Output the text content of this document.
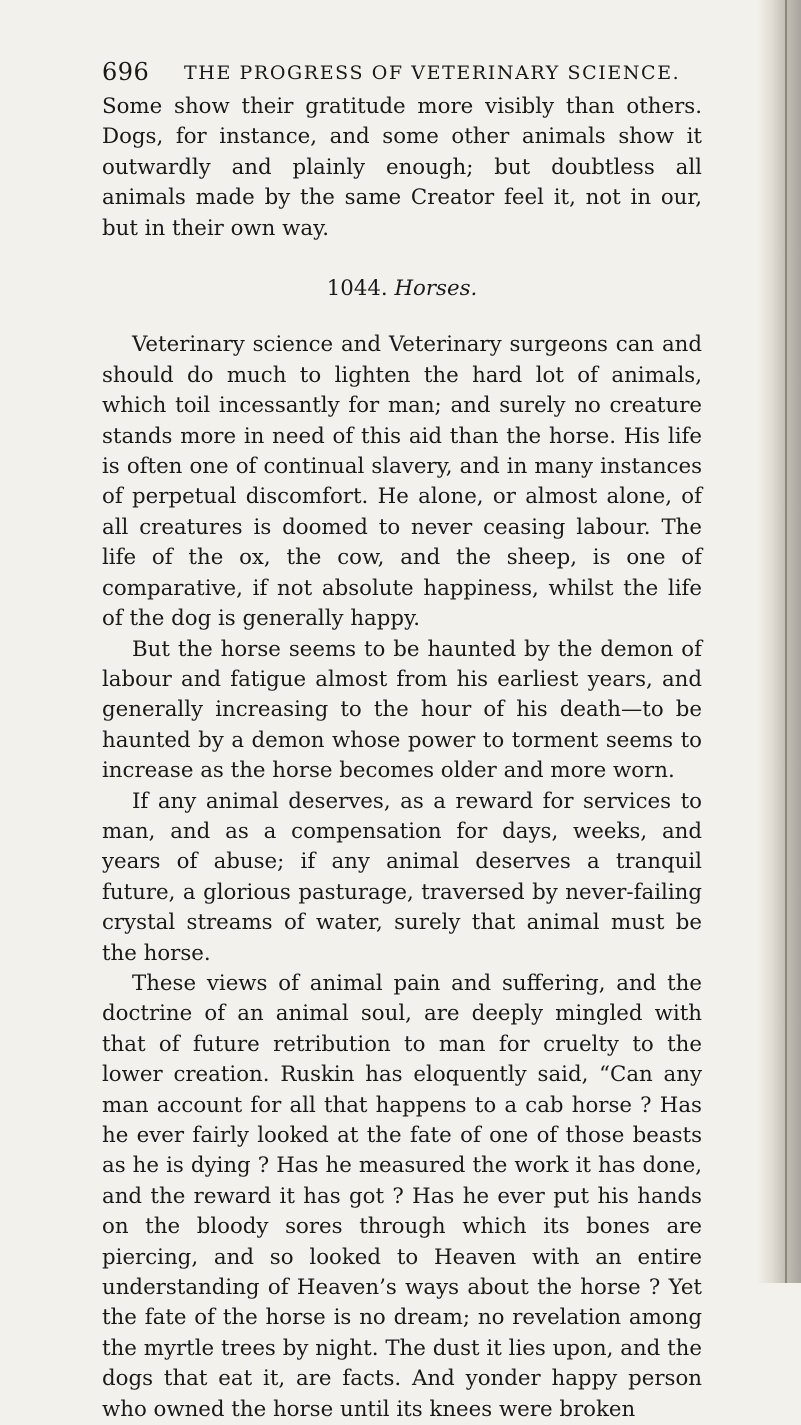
696 THE PROGRESS OF VETERINARY SCIENCE.

Some show their gratitude more visibly than others. Dogs, for instance, and some other animals show it outwardly and plainly enough; but doubtless all animals made by the same Creator feel it, not in our, but in their own way.

1044. Horses.

Veterinary science and Veterinary surgeons can and should do much to lighten the hard lot of animals, which toil incessantly for man; and surely no creature stands more in need of this aid than the horse. His life is often one of continual slavery, and in many instances of perpetual discomfort. He alone, or almost alone, of all creatures is doomed to never ceasing labour. The life of the ox, the cow, and the sheep, is one of comparative, if not absolute happiness, whilst the life of the dog is generally happy.

But the horse seems to be haunted by the demon of labour and fatigue almost from his earliest years, and generally increasing to the hour of his death—to be haunted by a demon whose power to torment seems to increase as the horse becomes older and more worn.

If any animal deserves, as a reward for services to man, and as a compensation for days, weeks, and years of abuse; if any animal deserves a tranquil future, a glorious pasturage, traversed by never-failing crystal streams of water, surely that animal must be the horse.

These views of animal pain and suffering, and the doctrine of an animal soul, are deeply mingled with that of future retribution to man for cruelty to the lower creation. Ruskin has eloquently said, “Can any man account for all that happens to a cab horse ? Has he ever fairly looked at the fate of one of those beasts as he is dying ? Has he measured the work it has done, and the reward it has got ? Has he ever put his hands on the bloody sores through which its bones are piercing, and so looked to Heaven with an entire understanding of Heaven’s ways about the horse ? Yet the fate of the horse is no dream; no revelation among the myrtle trees by night. The dust it lies upon, and the dogs that eat it, are facts. And yonder happy person who owned the horse until its knees were broken
